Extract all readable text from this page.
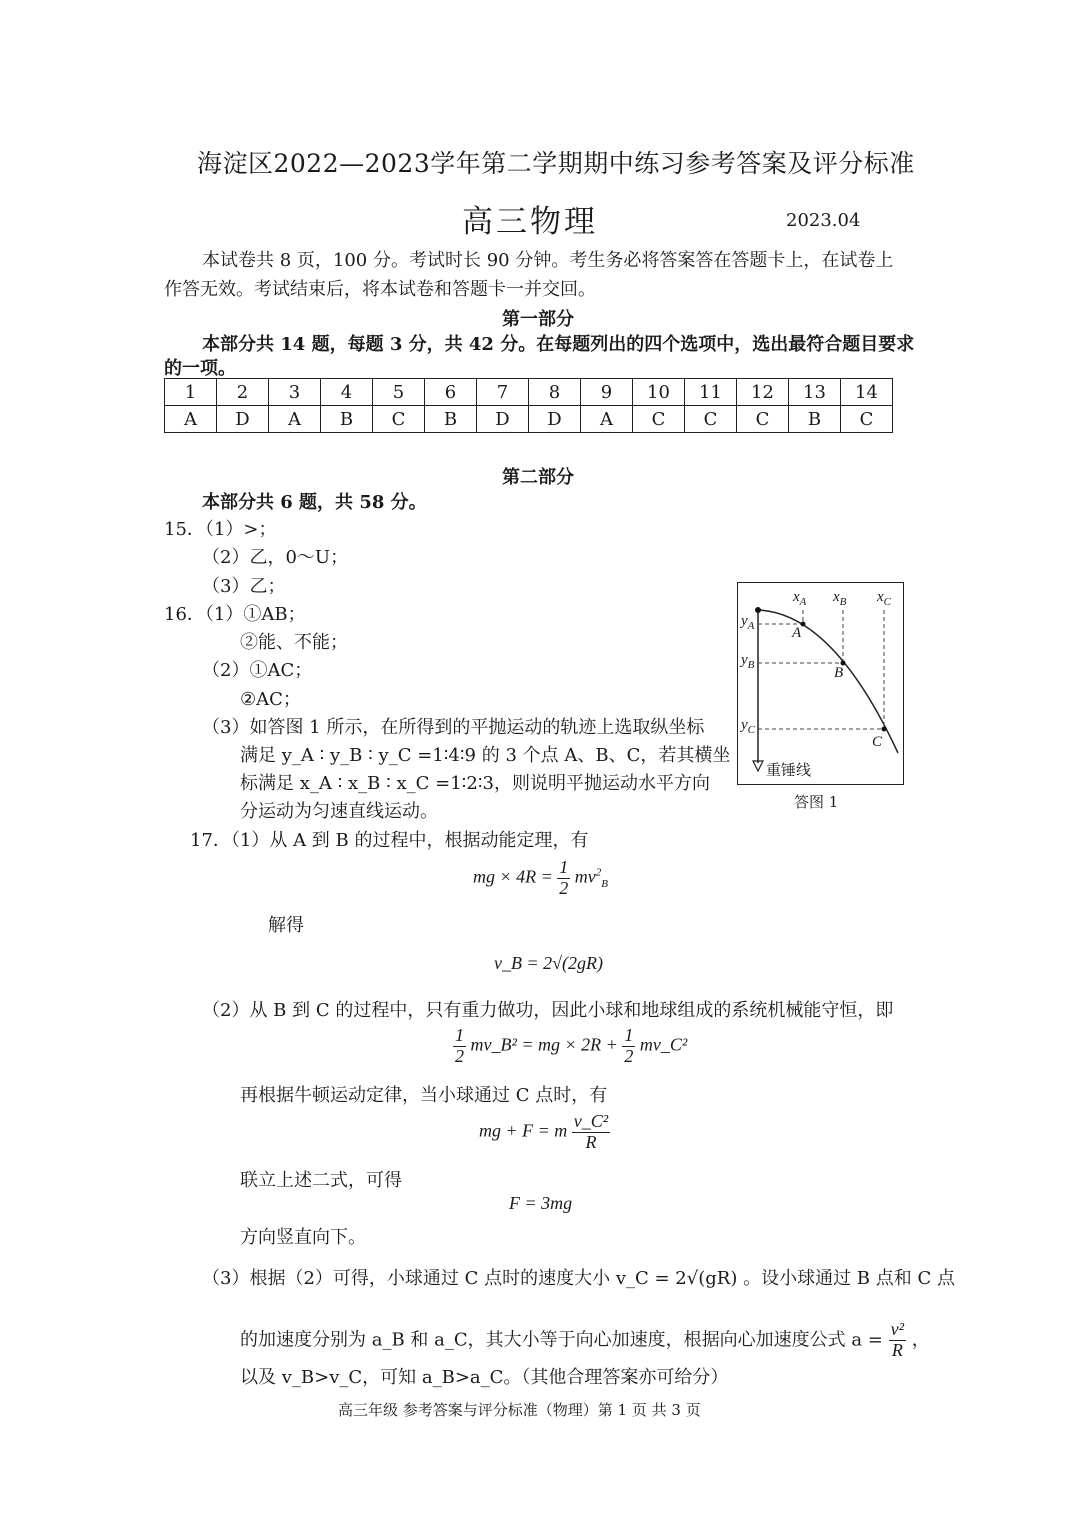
海淀区2022—2023学年第二学期期中练习参考答案及评分标准
高三物理	2023.04
本试卷共 8 页，100 分。考试时长 90 分钟。考生务必将答案答在答题卡上，在试卷上
作答无效。考试结束后，将本试卷和答题卡一并交回。
第一部分
本部分共 14 题，每题 3 分，共 42 分。在每题列出的四个选项中，选出最符合题目要求
的一项。
1	2	3	4	5	6	7	8	9	10	11	12	13	14
A	D	A	B	C	B	D	D	A	C	C	C	B	C
第二部分
本部分共 6 题，共 58 分。
15．（1）>；
（2）乙，0～U；
（3）乙；
16．（1）①AB；
②能、不能；
（2）①AC；
②AC；
（3）如答图 1 所示，在所得到的平抛运动的轨迹上选取纵坐标
满足 y_A ∶ y_B ∶ y_C =1∶4∶9 的 3 个点 A、B、C，若其横坐
标满足 x_A ∶ x_B ∶ x_C =1∶2∶3，则说明平抛运动水平方向
分运动为匀速直线运动。
$x_A$ $x_B$ $x_C$
$y_A$
$y_B$
$y_C$
A
B
C
重锤线
答图 1
17．（1）从 A 到 B 的过程中，根据动能定理，有
mg × $4R = \frac{1}{2} mv^2_B$
解得
v_B = 2√(2gR)
（2）从 B 到 C 的过程中，只有重力做功，因此小球和地球组成的系统机械能守恒，即
$\frac{1}{2}$ mv_B² = mg × $2R + \frac{1}{2}$ mv_C²
再根据牛顿运动定律，当小球通过 C 点时，有
mg + F = m $\frac{\text{v\_C²}}{R}$
联立上述二式，可得
F = 3mg
方向竖直向下。
（3）根据（2）可得，小球通过 C 点时的速度大小 v_C = 2√(gR) 。设小球通过 B 点和 C 点
的加速度分别为 a_B 和 a_C，其大小等于向心加速度，根据向心加速度公式 $a = \frac{\text{v²}}{R}$ ，
以及 v_B>v_C，可知 a_B>a_C。（其他合理答案亦可给分）
高三年级 参考答案与评分标准（物理）第 1 页 共 3 页
